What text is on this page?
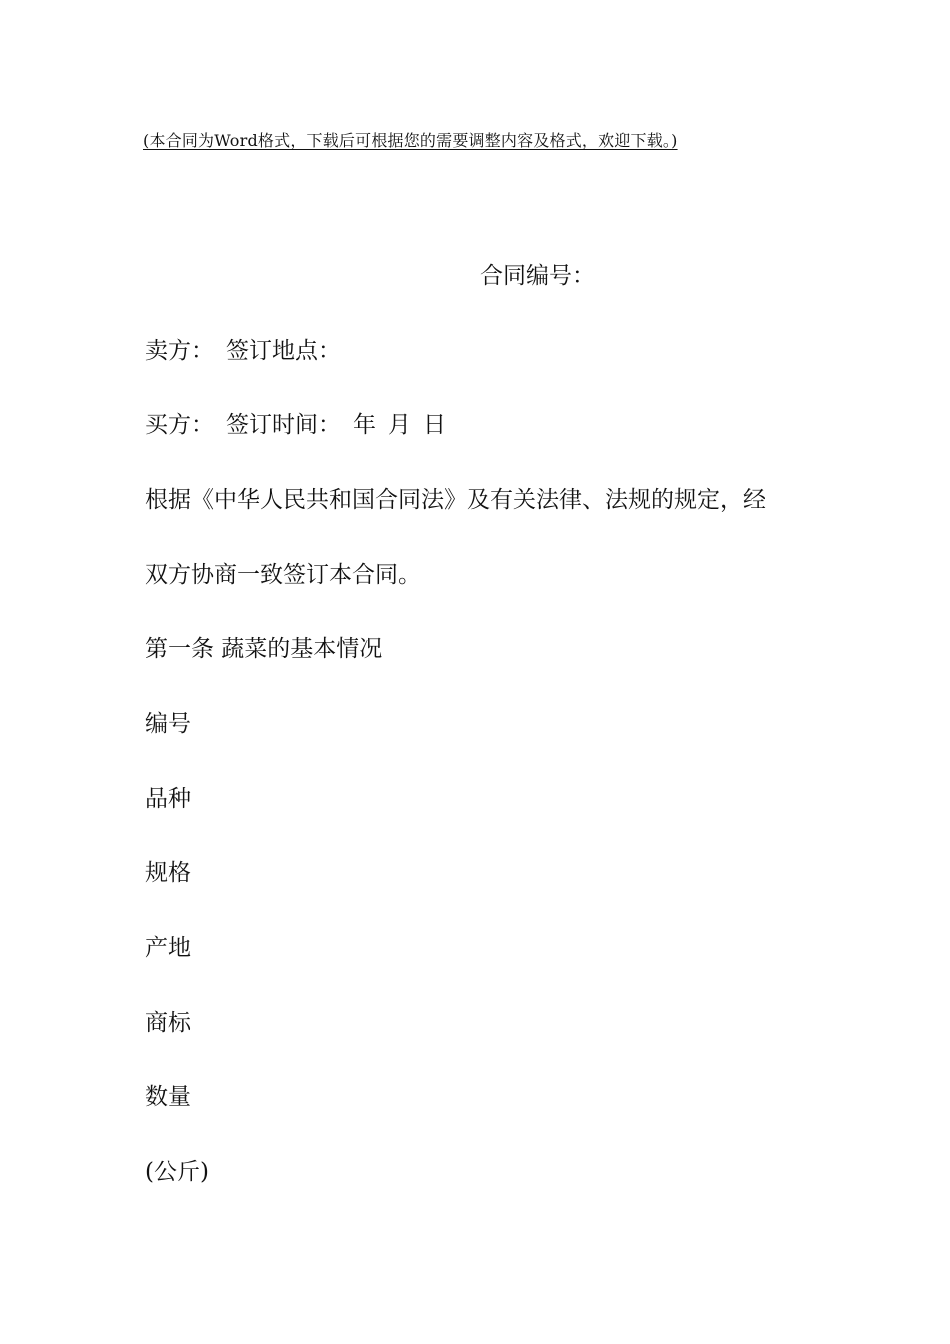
(本合同为Word格式，下载后可根据您的需要调整内容及格式，欢迎下载。)
合同编号：
卖方： 签订地点：
买方： 签订时间： 年 月 日
根据《中华人民共和国合同法》及有关法律、法规的规定，经
双方协商一致签订本合同。
第一条 蔬菜的基本情况
编号
品种
规格
产地
商标
数量
(公斤)
